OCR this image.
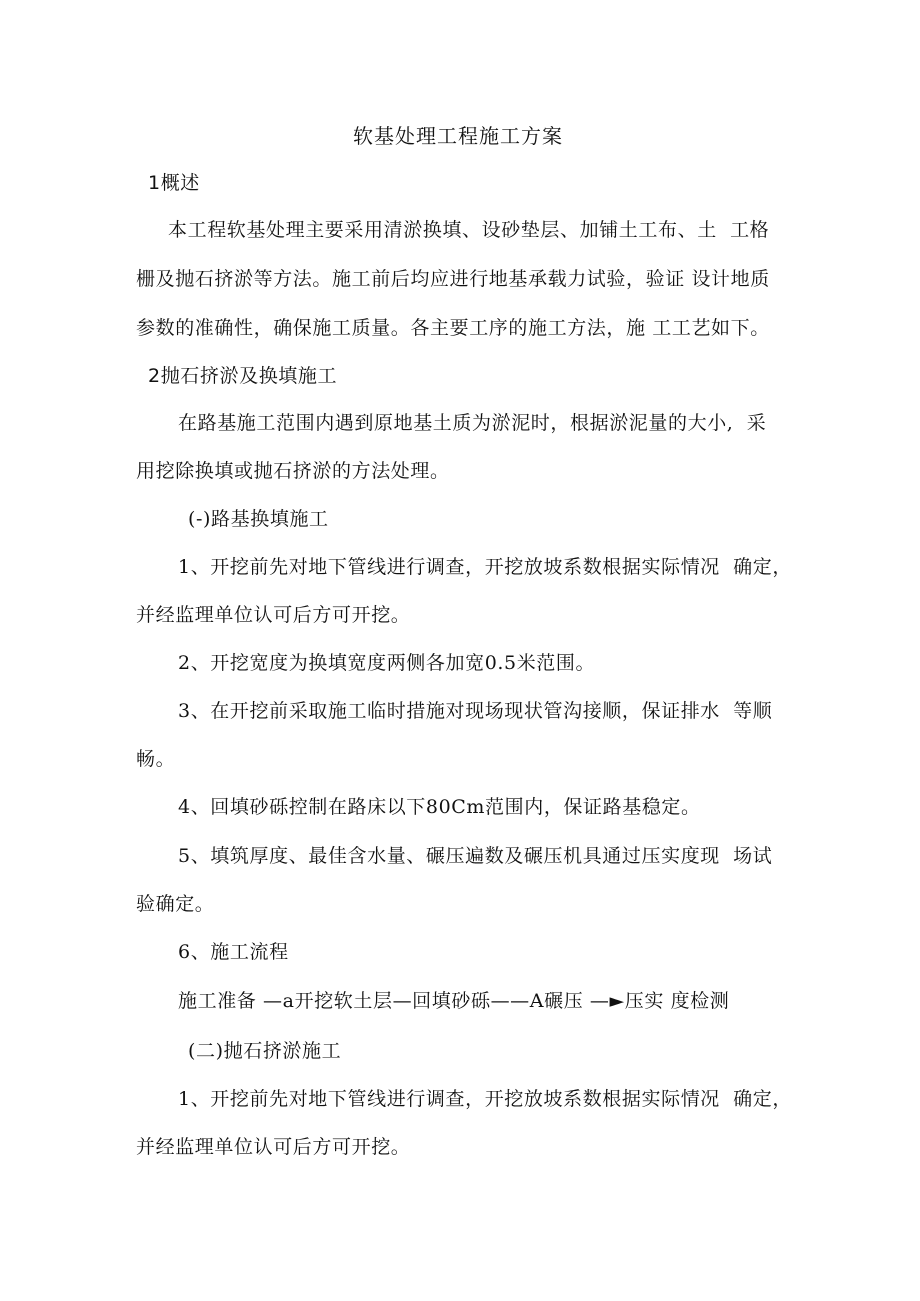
软基处理工程施工方案
1概述
本工程软基处理主要采用清淤换填、设砂垫层、加铺土工布、土  工格
栅及抛石挤淤等方法。施工前后均应进行地基承载力试验，验证 设计地质
参数的准确性，确保施工质量。各主要工序的施工方法，施 工工艺如下。
2抛石挤淤及换填施工
在路基施工范围内遇到原地基土质为淤泥时，根据淤泥量的大小,  采
用挖除换填或抛石挤淤的方法处理。
(-)路基换填施工
1、开挖前先对地下管线进行调查，开挖放坡系数根据实际情况  确定，
并经监理单位认可后方可开挖。
2、开挖宽度为换填宽度两侧各加宽0.5米范围。
3、在开挖前采取施工临时措施对现场现状管沟接顺，保证排水  等顺
畅。
4、回填砂砾控制在路床以下80Cm范围内，保证路基稳定。
5、填筑厚度、最佳含水量、碾压遍数及碾压机具通过压实度现  场试
验确定。
6、施工流程
施工准备 —a开挖软土层—回填砂砾——A碾压 —►压实 度检测
(二)抛石挤淤施工
1、开挖前先对地下管线进行调查，开挖放坡系数根据实际情况  确定，
并经监理单位认可后方可开挖。
